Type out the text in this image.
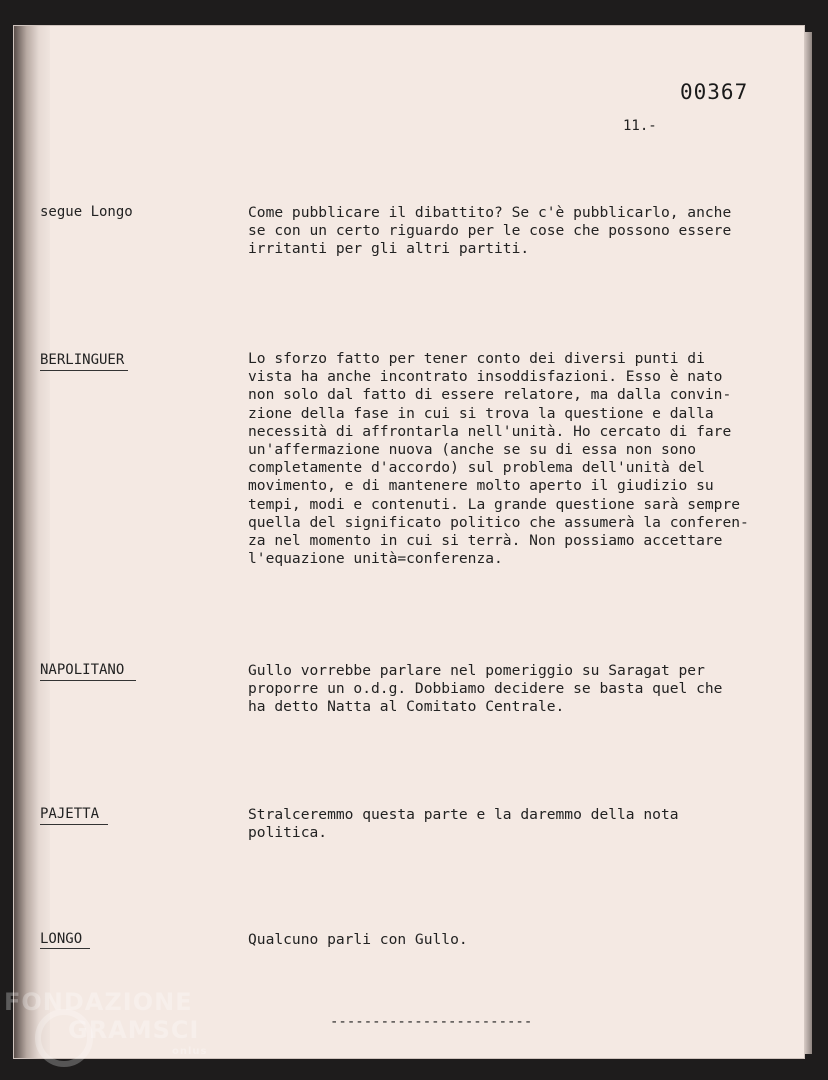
00367
11.-
segue Longo	Come pubblicare il dibattito? Se c'è pubblicarlo, anche
se con un certo riguardo per le cose che possono essere
irritanti per gli altri partiti.

BERLINGUER	Lo sforzo fatto per tener conto dei diversi punti di
vista ha anche incontrato insoddisfazioni. Esso è nato
non solo dal fatto di essere relatore, ma dalla convin-
zione della fase in cui si trova la questione e dalla
necessità di affrontarla nell'unità. Ho cercato di fare
un'affermazione nuova (anche se su di essa non sono
completamente d'accordo) sul problema dell'unità del
movimento, e di mantenere molto aperto il giudizio su
tempi, modi e contenuti. La grande questione sarà sempre
quella del significato politico che assumerà la conferen-
za nel momento in cui si terrà. Non possiamo accettare
l'equazione unità=conferenza.

NAPOLITANO	Gullo vorrebbe parlare nel pomeriggio su Saragat per
proporre un o.d.g. Dobbiamo decidere se basta quel che
ha detto Natta al Comitato Centrale.

PAJETTA	Stralceremmo questa parte e la daremmo della nota
politica.

LONGO	Qualcuno parli con Gullo.

------------------------
FONDAZIONE
GRAMSCI
onlus
